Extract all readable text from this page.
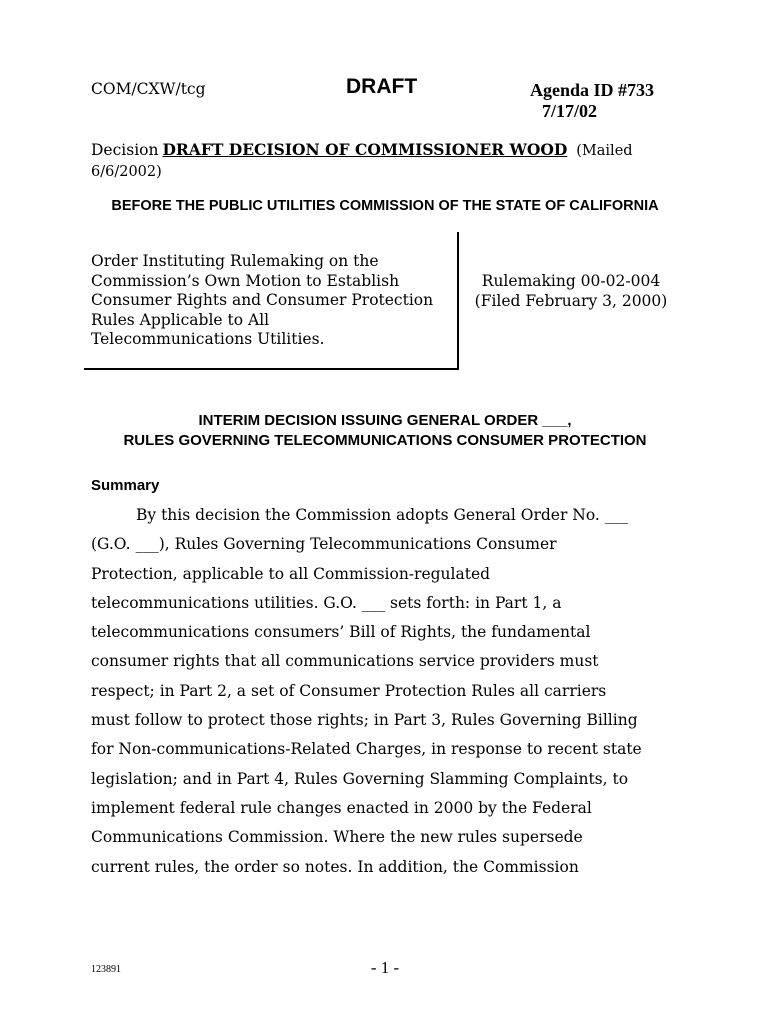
COM/CXW/tcg	DRAFT	Agenda ID #733
7/17/02
Decision DRAFT DECISION OF COMMISSIONER WOOD (Mailed 6/6/2002)
BEFORE THE PUBLIC UTILITIES COMMISSION OF THE STATE OF CALIFORNIA
Order Instituting Rulemaking on the
Commission’s Own Motion to Establish
Consumer Rights and Consumer Protection
Rules Applicable to All
Telecommunications Utilities.
Rulemaking 00-02-004
(Filed February 3, 2000)
INTERIM DECISION ISSUING GENERAL ORDER ___,
RULES GOVERNING TELECOMMUNICATIONS CONSUMER PROTECTION
Summary
By this decision the Commission adopts General Order No. ___
(G.O. ___), Rules Governing Telecommunications Consumer
Protection, applicable to all Commission-regulated
telecommunications utilities. G.O. ___ sets forth: in Part 1, a
telecommunications consumers’ Bill of Rights, the fundamental
consumer rights that all communications service providers must
respect; in Part 2, a set of Consumer Protection Rules all carriers
must follow to protect those rights; in Part 3, Rules Governing Billing
for Non-communications-Related Charges, in response to recent state
legislation; and in Part 4, Rules Governing Slamming Complaints, to
implement federal rule changes enacted in 2000 by the Federal
Communications Commission. Where the new rules supersede
current rules, the order so notes. In addition, the Commission
123891	- 1 -
